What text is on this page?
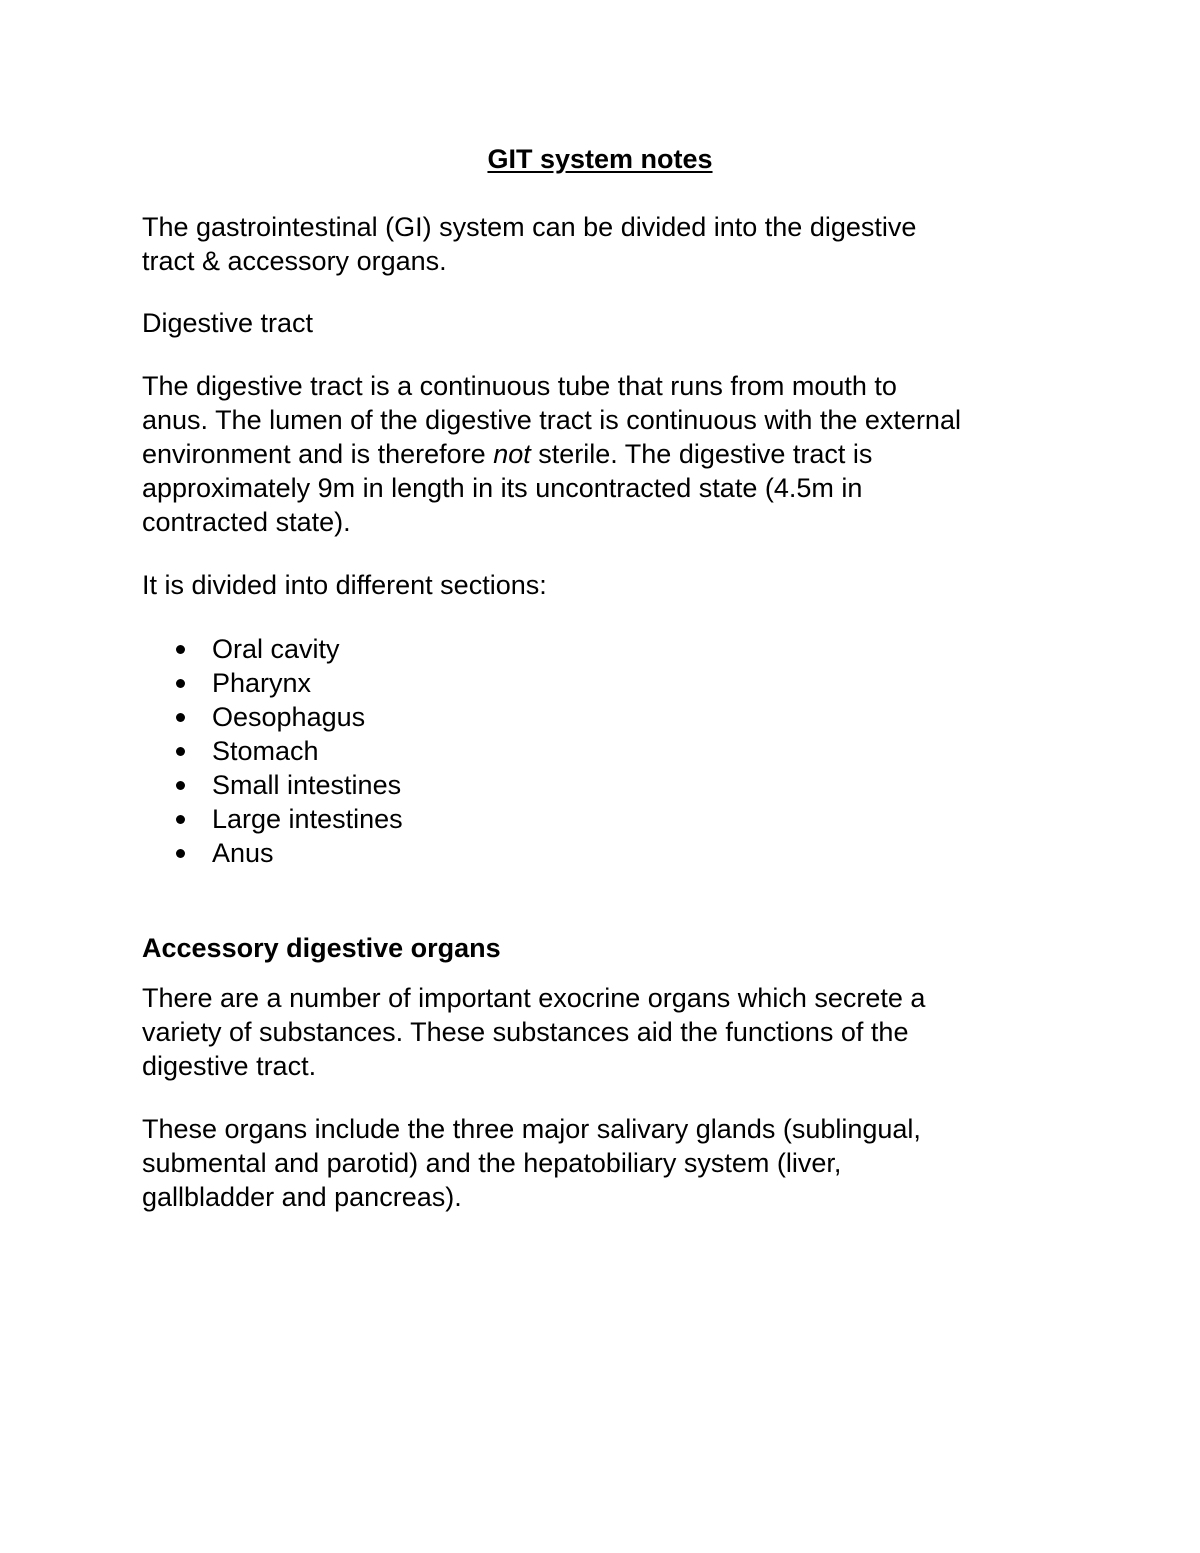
GIT system notes
The gastrointestinal (GI) system can be divided into the digestive
tract & accessory organs.
Digestive tract
The digestive tract is a continuous tube that runs from mouth to
anus. The lumen of the digestive tract is continuous with the external
environment and is therefore not sterile. The digestive tract is
approximately 9m in length in its uncontracted state (4.5m in
contracted state).
It is divided into different sections:
Oral cavity
Pharynx
Oesophagus
Stomach
Small intestines
Large intestines
Anus
Accessory digestive organs
There are a number of important exocrine organs which secrete a
variety of substances. These substances aid the functions of the
digestive tract.
These organs include the three major salivary glands (sublingual,
submental and parotid) and the hepatobiliary system (liver,
gallbladder and pancreas).
